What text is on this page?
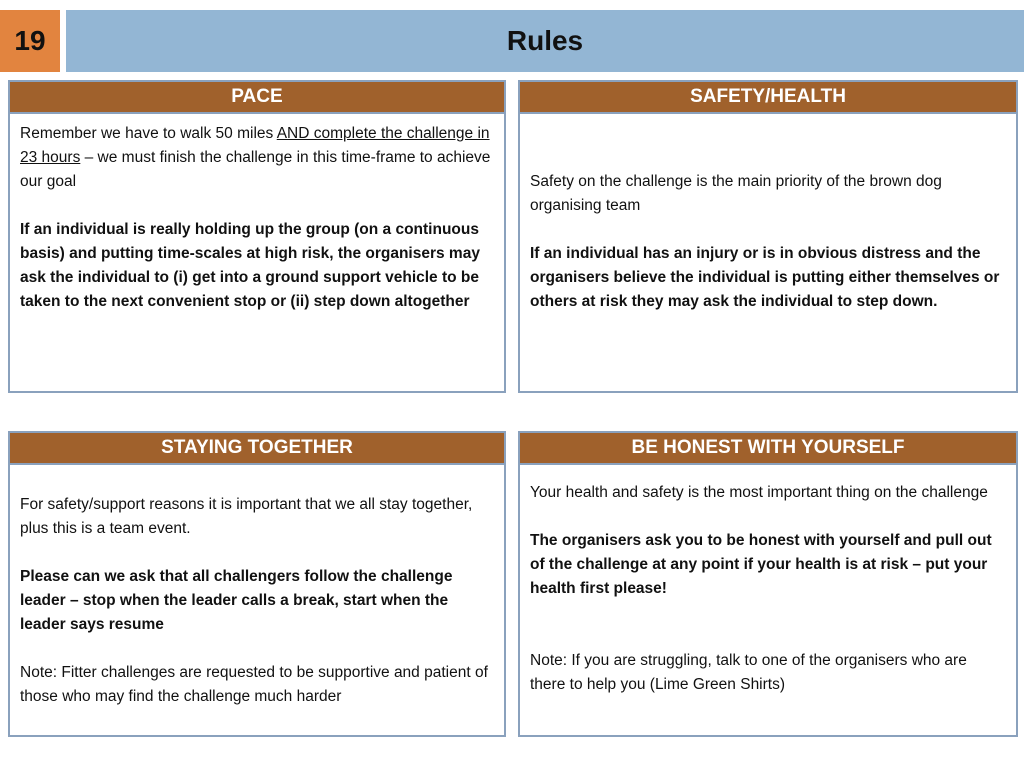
19	Rules
PACE

Remember we have to walk 50 miles AND complete the challenge in 23 hours – we must finish the challenge in this time-frame to achieve our goal

If an individual is really holding up the group (on a continuous basis) and putting time-scales at high risk, the organisers may ask the individual to (i) get into a ground support vehicle to be taken to the next convenient stop or (ii) step down altogether

SAFETY/HEALTH

Safety on the challenge is the main priority of the brown dog organising team

If an individual has an injury or is in obvious distress and the organisers believe the individual is putting either themselves or others at risk they may ask the individual to step down.

STAYING TOGETHER

For safety/support reasons it is important that we all stay together, plus this is a team event.

Please can we ask that all challengers follow the challenge leader – stop when the leader calls a break, start when the leader says resume

Note: Fitter challenges are requested to be supportive and patient of those who may find the challenge much harder

BE HONEST WITH YOURSELF

Your health and safety is the most important thing on the challenge

The organisers ask you to be honest with yourself and pull out of the challenge at any point if your health is at risk – put your health first please!

Note: If you are struggling, talk to one of the organisers who are there to help you (Lime Green Shirts)
